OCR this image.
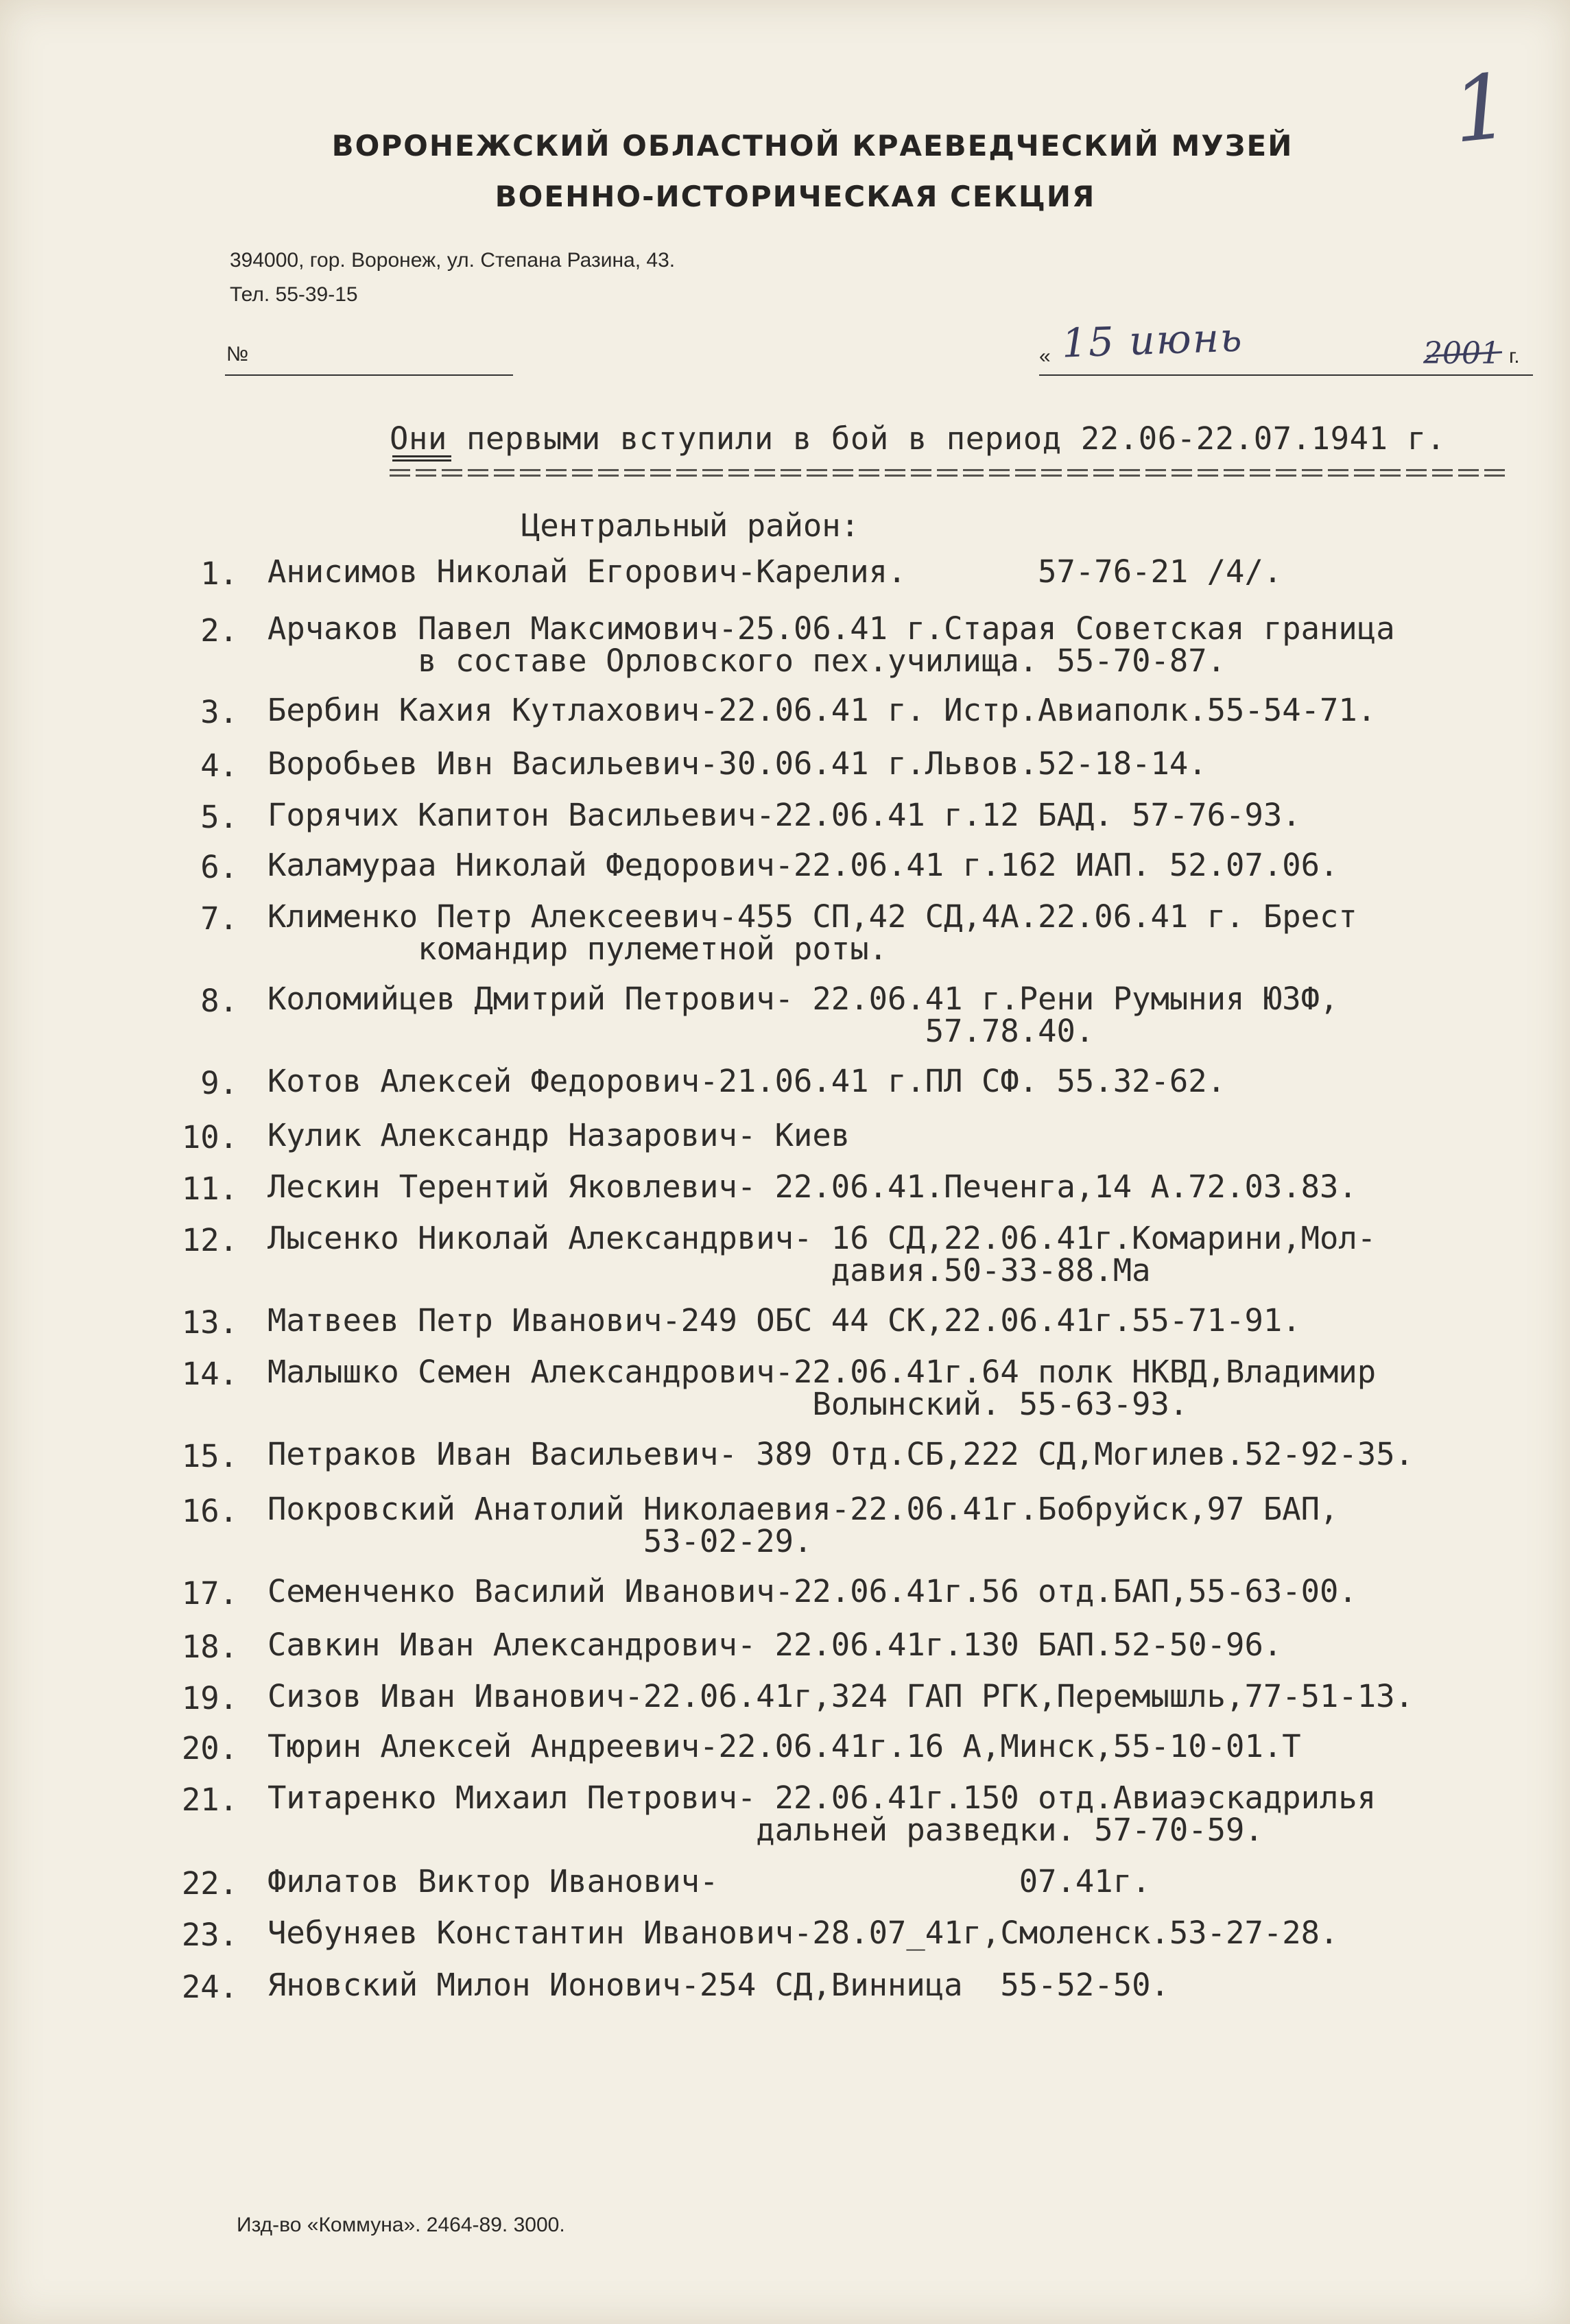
1
ВОРОНЕЖСКИЙ ОБЛАСТНОЙ КРАЕВЕДЧЕСКИЙ МУЗЕЙ
ВОЕННО-ИСТОРИЧЕСКАЯ СЕКЦИЯ
394000, гор. Воронеж, ул. Степана Разина, 43.
Тел. 55-39-15
№	« 15 июнь	2001 г.
Они первыми вступили в бой в период 22.06-22.07.1941 г.
Центральный район:
1. Анисимов Николай Егорович-Карелия.       57-76-21 /4/.
2. Арчаков Павел Максимович-25.06.41 г.Старая Советская граница
в составе Орловского пех.училища. 55-70-87.
3. Бербин Кахия Кутлахович-22.06.41 г. Истр.Авиаполк.55-54-71.
4. Воробьев Ивн Васильевич-30.06.41 г.Львов.52-18-14.
5. Горячих Капитон Васильевич-22.06.41 г.12 БАД. 57-76-93.
6. Каламураа Николай Федорович-22.06.41 г.162 ИАП. 52.07.06.
7. Клименко Петр Алексеевич-455 СП,42 СД,4А.22.06.41 г. Брест
командир пулеметной роты.
8. Коломийцев Дмитрий Петрович- 22.06.41 г.Рени Румыния ЮЗФ,
57.78.40.
9. Котов Алексей Федорович-21.06.41 г.ПЛ СФ. 55.32-62.
10. Кулик Александр Назарович- Киев
11. Лескин Терентий Яковлевич- 22.06.41.Печенга,14 А.72.03.83.
12. Лысенко Николай Александрвич- 16 СД,22.06.41г.Комарини,Мол-
давия.50-33-88.Ма
13. Матвеев Петр Иванович-249 ОБС 44 СК,22.06.41г.55-71-91.
14. Малышко Семен Александрович-22.06.41г.64 полк НКВД,Владимир
Волынский. 55-63-93.
15. Петраков Иван Васильевич- 389 Отд.СБ,222 СД,Могилев.52-92-35.
16. Покровский Анатолий Николаевия-22.06.41г.Бобруйск,97 БАП,
53-02-29.
17. Семенченко Василий Иванович-22.06.41г.56 отд.БАП,55-63-00.
18. Савкин Иван Александрович- 22.06.41г.130 БАП.52-50-96.
19. Сизов Иван Иванович-22.06.41г,324 ГАП РГК,Перемышль,77-51-13.
20. Тюрин Алексей Андреевич-22.06.41г.16 А,Минск,55-10-01.Т
21. Титаренко Михаил Петрович- 22.06.41г.150 отд.Авиаэскадрилья
дальней разведки. 57-70-59.
22. Филатов Виктор Иванович-                07.41г.
23. Чебуняев Константин Иванович-28.07_41г,Смоленск.53-27-28.
24. Яновский Милон Ионович-254 СД,Винница  55-52-50.
Изд-во «Коммуна». 2464-89. 3000.
